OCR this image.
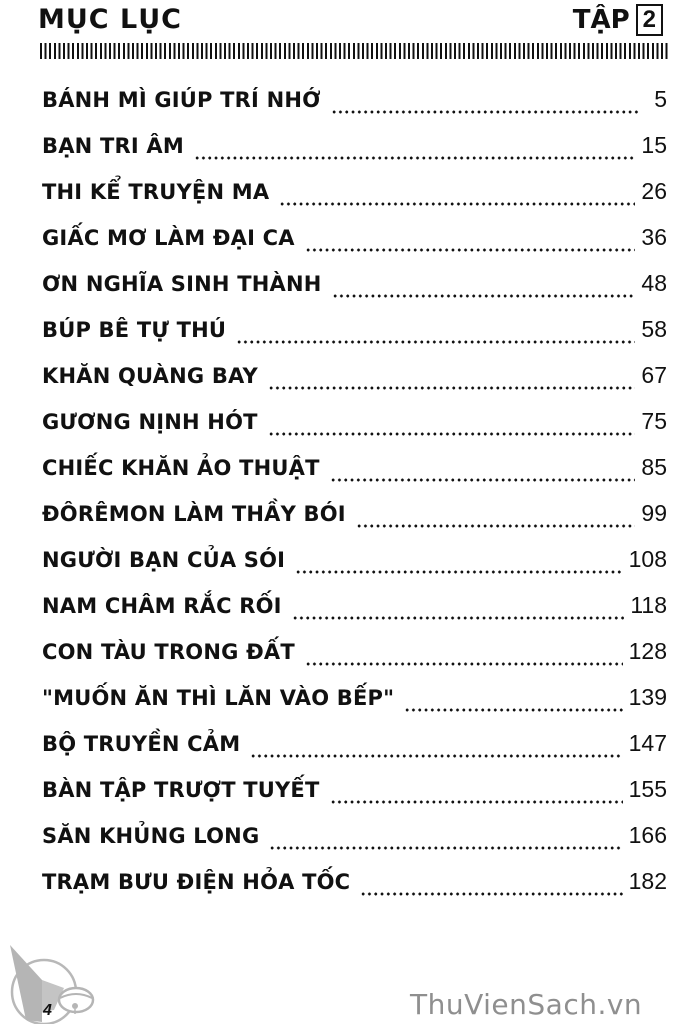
MỤC LỤC	TẬP 2
BÁNH MÌ GIÚP TRÍ NHỚ	5
BẠN TRI ÂM	15
THI KỂ TRUYỆN MA	26
GIẤC MƠ LÀM ĐẠI CA	36
ƠN NGHĨA SINH THÀNH	48
BÚP BÊ TỰ THÚ	58
KHĂN QUÀNG BAY	67
GƯƠNG NỊNH HÓT	75
CHIẾC KHĂN ẢO THUẬT	85
ĐÔRÊMON LÀM THẦY BÓI	99
NGƯỜI BẠN CỦA SÓI	108
NAM CHÂM RẮC RỐI	118
CON TÀU TRONG ĐẤT	128
"MUỐN ĂN THÌ LĂN VÀO BẾP"	139
BỘ TRUYỀN CẢM	147
BÀN TẬP TRƯỢT TUYẾT	155
SĂN KHỦNG LONG	166
TRẠM BƯU ĐIỆN HỎA TỐC	182
4	ThuVienSach.vn
